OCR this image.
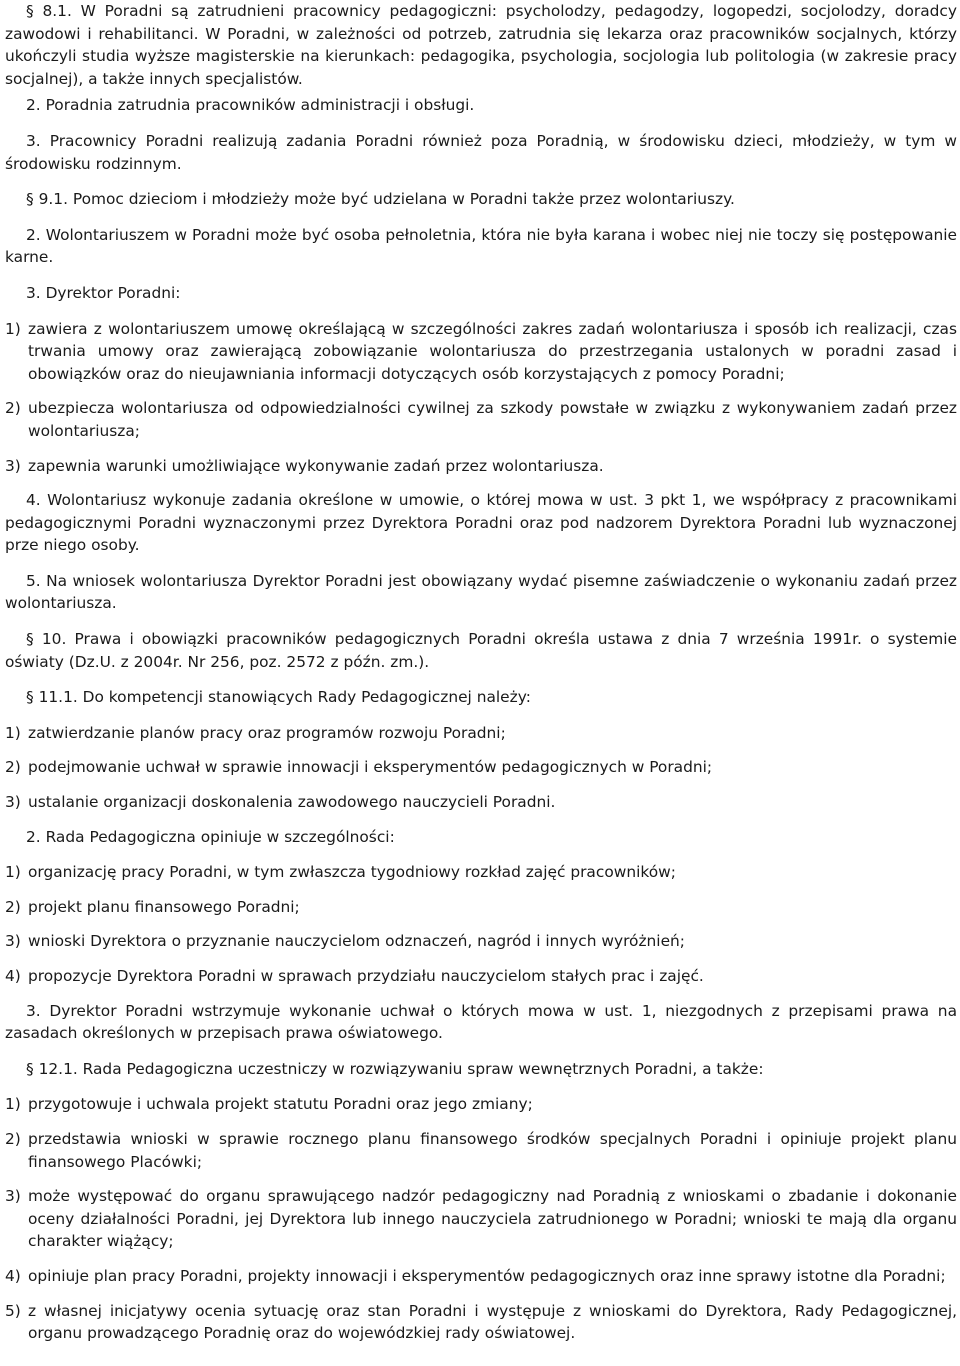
§ 8.1. W Poradni są zatrudnieni pracownicy pedagogiczni: psycholodzy, pedagodzy, logopedzi, socjolodzy, doradcy zawodowi i rehabilitanci. W Poradni, w zależności od potrzeb, zatrudnia się lekarza oraz pracowników socjalnych, którzy ukończyli studia wyższe magisterskie na kierunkach: pedagogika, psychologia, socjologia lub politologia (w zakresie pracy socjalnej), a także innych specjalistów.

2. Poradnia zatrudnia pracowników administracji i obsługi.

3. Pracownicy Poradni realizują zadania Poradni również poza Poradnią, w środowisku dzieci, młodzieży, w tym w środowisku rodzinnym.

§ 9.1. Pomoc dzieciom i młodzieży może być udzielana w Poradni także przez wolontariuszy.

2. Wolontariuszem w Poradni może być osoba pełnoletnia, która nie była karana i wobec niej nie toczy się postępowanie karne.

3. Dyrektor Poradni:

1) zawiera z wolontariuszem umowę określającą w szczególności zakres zadań wolontariusza i sposób ich realizacji, czas trwania umowy oraz zawierającą zobowiązanie wolontariusza do przestrzegania ustalonych w poradni zasad i obowiązków oraz do nieujawniania informacji dotyczących osób korzystających z pomocy Poradni;
2) ubezpiecza wolontariusza od odpowiedzialności cywilnej za szkody powstałe w związku z wykonywaniem zadań przez wolontariusza;
3) zapewnia warunki umożliwiające wykonywanie zadań przez wolontariusza.

4. Wolontariusz wykonuje zadania określone w umowie, o której mowa w ust. 3 pkt 1, we współpracy z pracownikami pedagogicznymi Poradni wyznaczonymi przez Dyrektora Poradni oraz pod nadzorem Dyrektora Poradni lub wyznaczonej prze niego osoby.

5. Na wniosek wolontariusza Dyrektor Poradni jest obowiązany wydać pisemne zaświadczenie o wykonaniu zadań przez wolontariusza.

§ 10. Prawa i obowiązki pracowników pedagogicznych Poradni określa ustawa z dnia 7 września 1991r. o systemie oświaty (Dz.U. z 2004r. Nr 256, poz. 2572 z późn. zm.).

§ 11.1. Do kompetencji stanowiących Rady Pedagogicznej należy:

1) zatwierdzanie planów pracy oraz programów rozwoju Poradni;
2) podejmowanie uchwał w sprawie innowacji i eksperymentów pedagogicznych w Poradni;
3) ustalanie organizacji doskonalenia zawodowego nauczycieli Poradni.

2. Rada Pedagogiczna opiniuje w szczególności:

1) organizację pracy Poradni, w tym zwłaszcza tygodniowy rozkład zajęć pracowników;
2) projekt planu finansowego Poradni;
3) wnioski Dyrektora o przyznanie nauczycielom odznaczeń, nagród i innych wyróżnień;
4) propozycje Dyrektora Poradni w sprawach przydziału nauczycielom stałych prac i zajęć.

3. Dyrektor Poradni wstrzymuje wykonanie uchwał o których mowa w ust. 1, niezgodnych z przepisami prawa na zasadach określonych w przepisach prawa oświatowego.

§ 12.1. Rada Pedagogiczna uczestniczy w rozwiązywaniu spraw wewnętrznych Poradni, a także:

1) przygotowuje i uchwala projekt statutu Poradni oraz jego zmiany;
2) przedstawia wnioski w sprawie rocznego planu finansowego środków specjalnych Poradni i opiniuje projekt planu finansowego Placówki;
3) może występować do organu sprawującego nadzór pedagogiczny nad Poradnią z wnioskami o zbadanie i dokonanie oceny działalności Poradni, jej Dyrektora lub innego nauczyciela zatrudnionego w Poradni; wnioski te mają dla organu charakter wiążący;
4) opiniuje plan pracy Poradni, projekty innowacji i eksperymentów pedagogicznych oraz inne sprawy istotne dla Poradni;
5) z własnej inicjatywy ocenia sytuację oraz stan Poradni i występuje z wnioskami do Dyrektora, Rady Pedagogicznej, organu prowadzącego Poradnię oraz do wojewódzkiej rady oświatowej.
